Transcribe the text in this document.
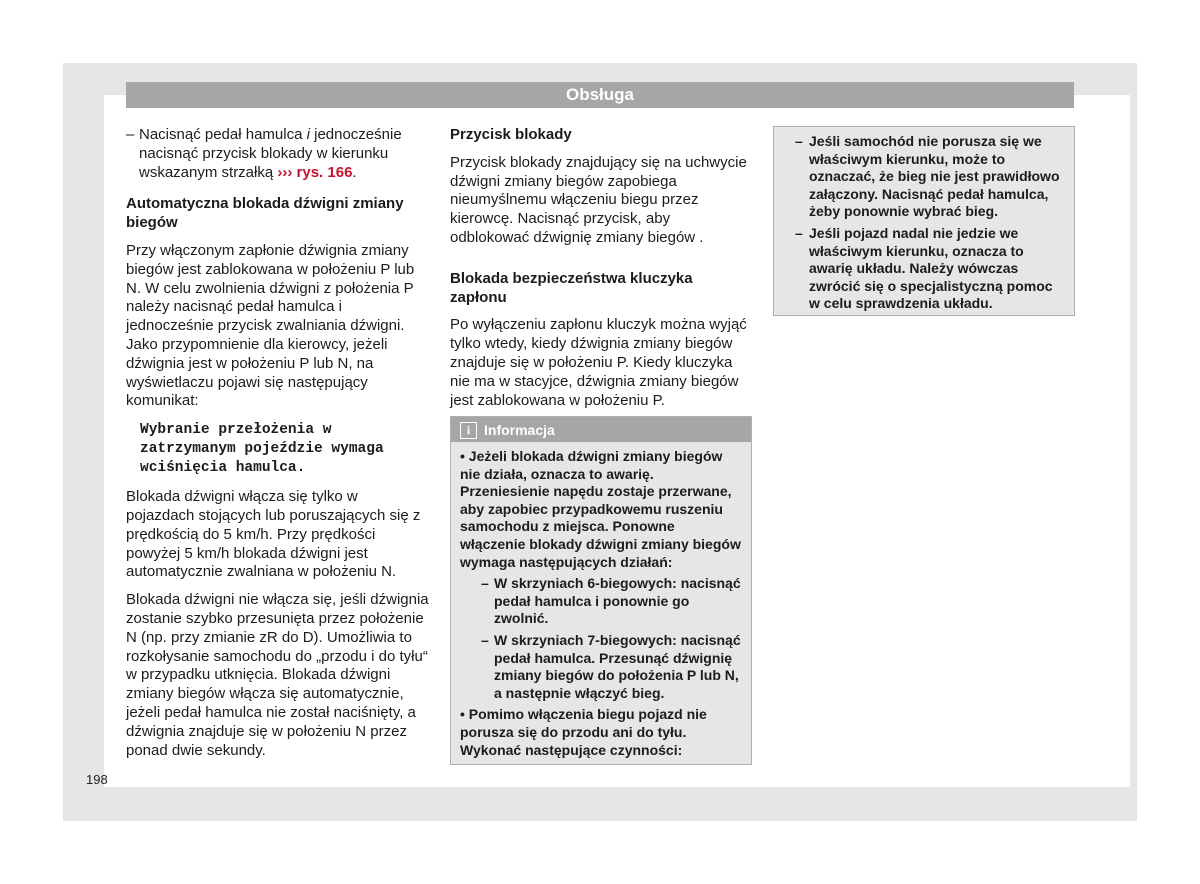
Obsługa
– Nacisnąć pedał hamulca i jednocześnie nacisnąć przycisk blokady w kierunku wskazanym strzałką ››› rys. 166.

Automatyczna blokada dźwigni zmiany biegów

Przy włączonym zapłonie dźwignia zmiany biegów jest zablokowana w położeniu P lub N. W celu zwolnienia dźwigni z położenia P należy nacisnąć pedał hamulca i jednocześnie przycisk zwalniania dźwigni. Jako przypomnienie dla kierowcy, jeżeli dźwignia jest w położeniu P lub N, na wyświetlaczu pojawi się następujący komunikat:

Wybranie przełożenia w zatrzymanym pojeździe wymaga wciśnięcia hamulca.

Blokada dźwigni włącza się tylko w pojazdach stojących lub poruszających się z prędkością do 5 km/h. Przy prędkości powyżej 5 km/h blokada dźwigni jest automatycznie zwalniana w położeniu N.

Blokada dźwigni nie włącza się, jeśli dźwignia zostanie szybko przesunięta przez położenie N (np. przy zmianie zR do D). Umożliwia to rozkołysanie samochodu do „przodu i do tyłu“ w przypadku utknięcia. Blokada dźwigni zmiany biegów włącza się automatycznie, jeżeli pedał hamulca nie został naciśnięty, a dźwignia znajduje się w położeniu N przez ponad dwie sekundy.

Przycisk blokady

Przycisk blokady znajdujący się na uchwycie dźwigni zmiany biegów zapobiega nieumyślnemu włączeniu biegu przez kierowcę. Nacisnąć przycisk, aby odblokować dźwignię zmiany biegów .

Blokada bezpieczeństwa kluczyka zapłonu

Po wyłączeniu zapłonu kluczyk można wyjąć tylko wtedy, kiedy dźwignia zmiany biegów znajduje się w położeniu P. Kiedy kluczyka nie ma w stacyjce, dźwignia zmiany biegów jest zablokowana w położeniu P.

i Informacja

• Jeżeli blokada dźwigni zmiany biegów nie działa, oznacza to awarię. Przeniesienie napędu zostaje przerwane, aby zapobiec przypadkowemu ruszeniu samochodu z miejsca. Ponowne włączenie blokady dźwigni zmiany biegów wymaga następujących działań:

– W skrzyniach 6-biegowych: nacisnąć pedał hamulca i ponownie go zwolnić.
– W skrzyniach 7-biegowych: nacisnąć pedał hamulca. Przesunąć dźwignię zmiany biegów do położenia P lub N, a następnie włączyć bieg.

• Pomimo włączenia biegu pojazd nie porusza się do przodu ani do tyłu. Wykonać następujące czynności:

– Jeśli samochód nie porusza się we właściwym kierunku, może to oznaczać, że bieg nie jest prawidłowo załączony. Nacisnąć pedał hamulca, żeby ponownie wybrać bieg.
– Jeśli pojazd nadal nie jedzie we właściwym kierunku, oznacza to awarię układu. Należy wówczas zwrócić się o specjalistyczną pomoc w celu sprawdzenia układu.
198
